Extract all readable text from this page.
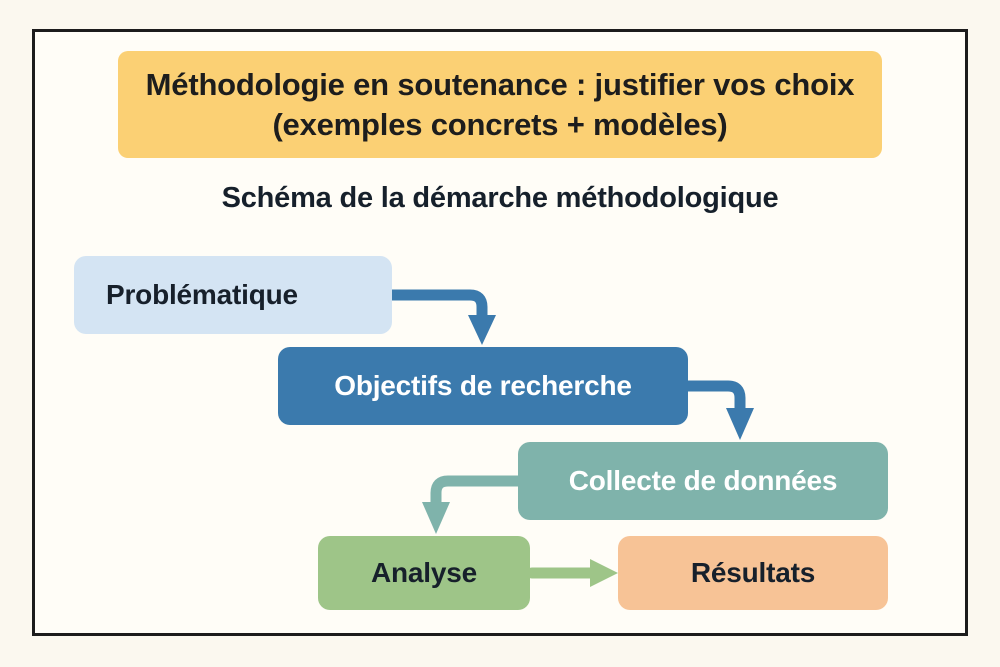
Méthodologie en soutenance : justifier vos choix (exemples concrets + modèles)
Schéma de la démarche méthodologique
Problématique
Objectifs de recherche
Collecte de données
Analyse	Résultats
